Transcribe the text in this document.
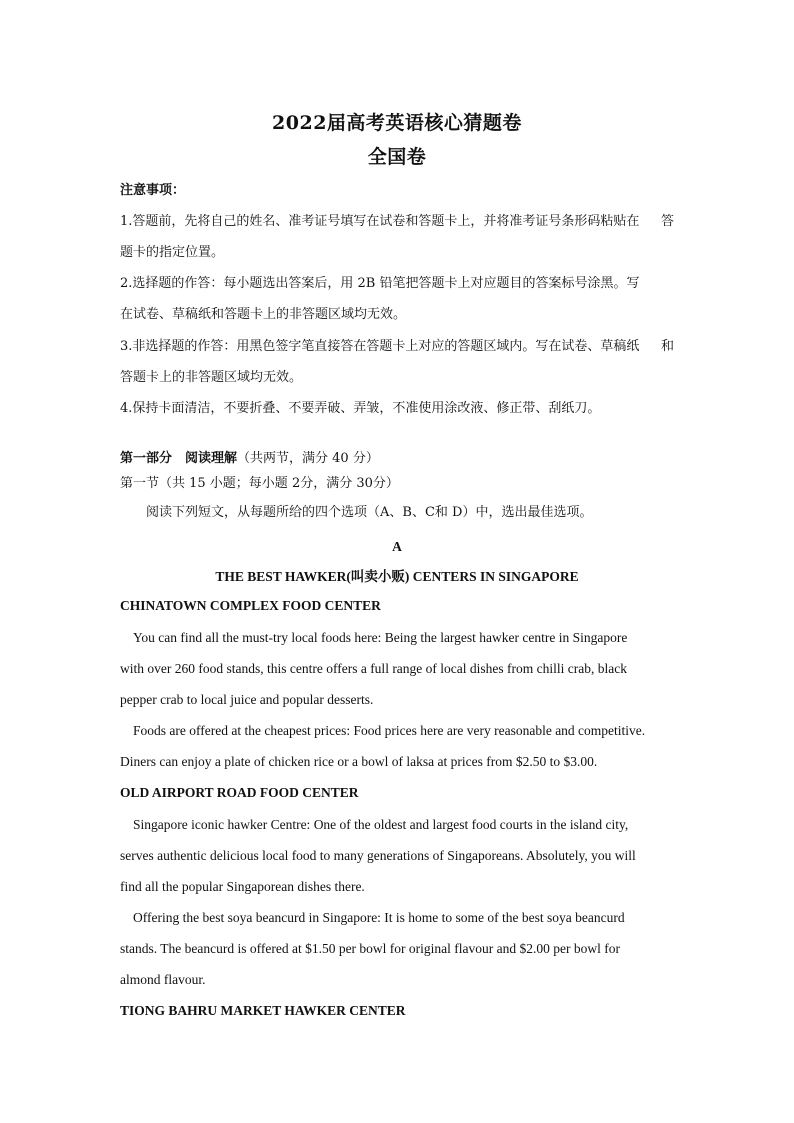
2022届高考英语核心猜题卷
全国卷
注意事项：
1.答题前，先将自己的姓名、准考证号填写在试卷和答题卡上，并将准考证号条形码粘贴在 答
题卡的指定位置。
2.选择题的作答：每小题选出答案后，用 2B 铅笔把答题卡上对应题目的答案标号涂黑。写
在试卷、草稿纸和答题卡上的非答题区域均无效。
3.非选择题的作答：用黑色签字笔直接答在答题卡上对应的答题区域内。写在试卷、草稿纸 和
答题卡上的非答题区域均无效。
4.保持卡面清洁，不要折叠、不要弄破、弄皱，不准使用涂改液、修正带、刮纸刀。
第一部分　阅读理解（共两节，满分 40 分）
第一节（共 15 小题；每小题 2分，满分 30分）
阅读下列短文，从每题所给的四个选项（A、B、C和 D）中，选出最佳选项。
A
THE BEST HAWKER(叫卖小贩) CENTERS IN SINGAPORE
CHINATOWN COMPLEX FOOD CENTER
You can find all the must-try local foods here: Being the largest hawker centre in Singapore
with over 260 food stands, this centre offers a full range of local dishes from chilli crab, black
pepper crab to local juice and popular desserts.
Foods are offered at the cheapest prices: Food prices here are very reasonable and competitive.
Diners can enjoy a plate of chicken rice or a bowl of laksa at prices from $2.50 to $3.00.
OLD AIRPORT ROAD FOOD CENTER
Singapore iconic hawker Centre: One of the oldest and largest food courts in the island city,
serves authentic delicious local food to many generations of Singaporeans. Absolutely, you will
find all the popular Singaporean dishes there.
Offering the best soya beancurd in Singapore: It is home to some of the best soya beancurd
stands. The beancurd is offered at $1.50 per bowl for original flavour and $2.00 per bowl for
almond flavour.
TIONG BAHRU MARKET HAWKER CENTER
